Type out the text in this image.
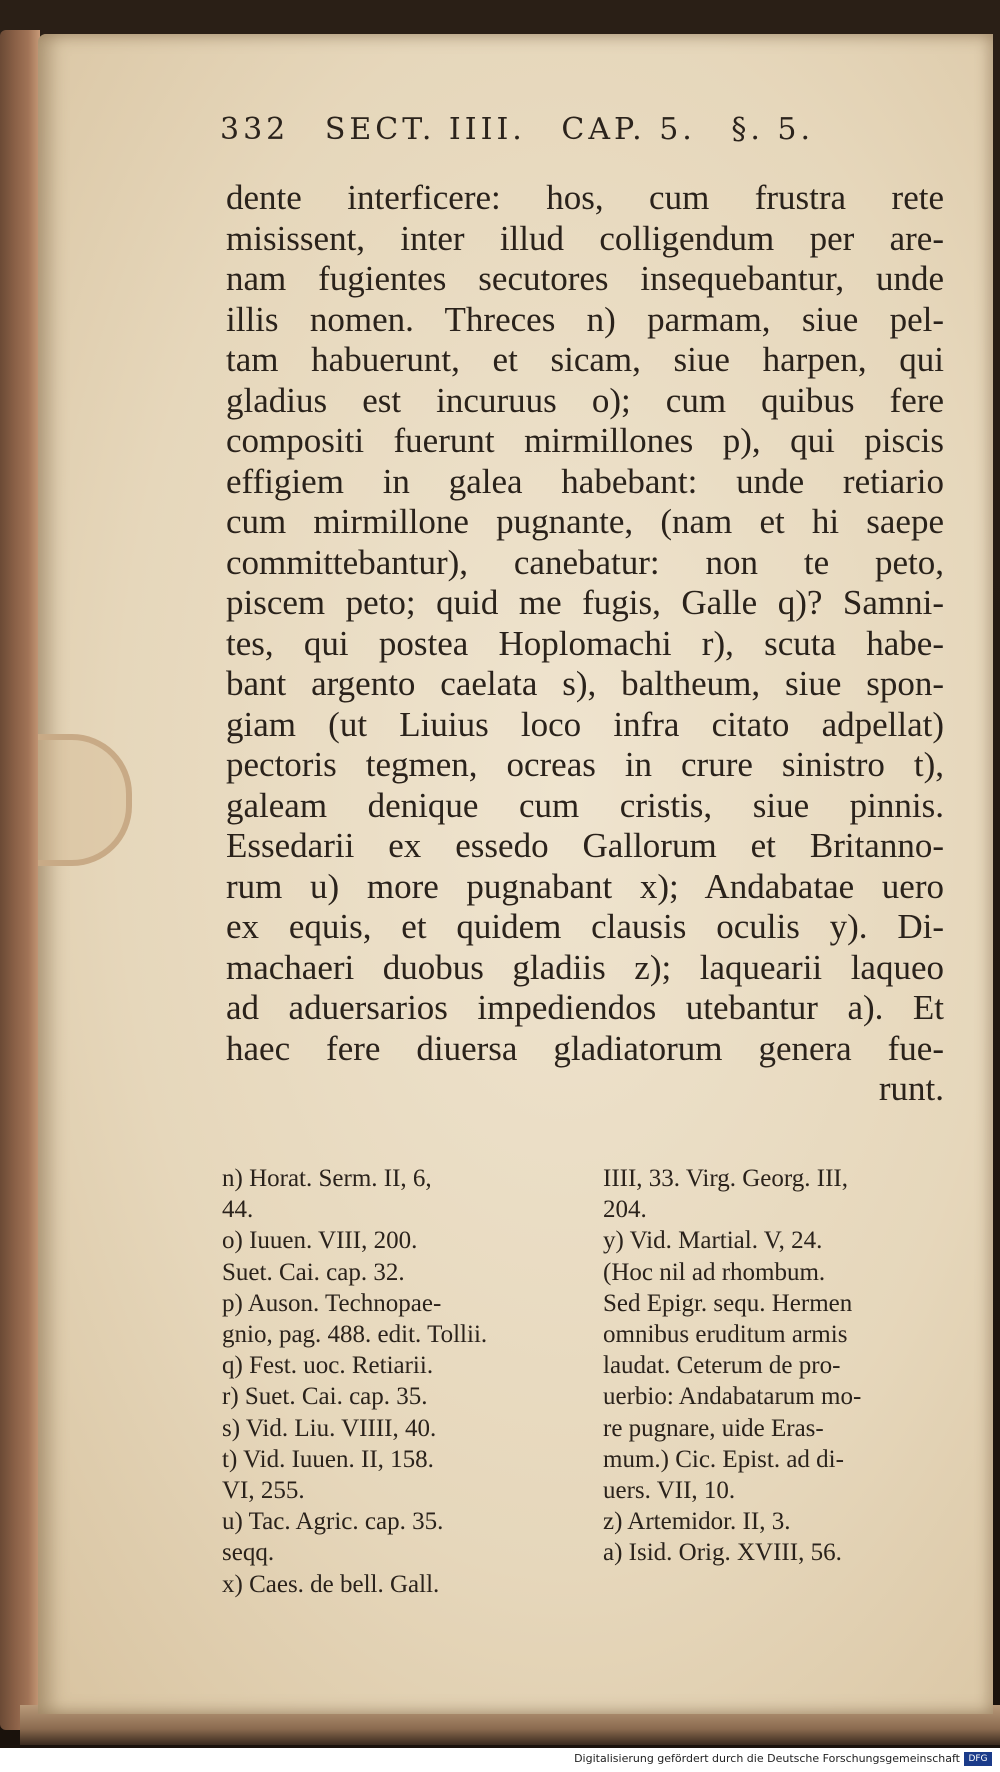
332 SECT. IIII. CAP. 5. §. 5.
dente interficere: hos, cum frustra rete
misissent, inter illud colligendum per are-
nam fugientes secutores insequebantur, unde
illis nomen. Threces n) parmam, siue pel-
tam habuerunt, et sicam, siue harpen, qui
gladius est incuruus o); cum quibus fere
compositi fuerunt mirmillones p), qui piscis
effigiem in galea habebant: unde retiario
cum mirmillone pugnante, (nam et hi saepe
committebantur), canebatur: non te peto,
piscem peto; quid me fugis, Galle q)? Samni-
tes, qui postea Hoplomachi r), scuta habe-
bant argento caelata s), baltheum, siue spon-
giam (ut Liuius loco infra citato adpellat)
pectoris tegmen, ocreas in crure sinistro t),
galeam denique cum cristis, siue pinnis.
Essedarii ex essedo Gallorum et Britanno-
rum u) more pugnabant x); Andabatae uero
ex equis, et quidem clausis oculis y). Di-
machaeri duobus gladiis z); laquearii laqueo
ad aduersarios impediendos utebantur a). Et
haec fere diuersa gladiatorum genera fue-
runt.
n) Horat. Serm. II, 6,
44.
o) Iuuen. VIII, 200.
Suet. Cai. cap. 32.
p) Auson. Technopae-
gnio, pag. 488. edit. Tollii.
q) Fest. uoc. Retiarii.
r) Suet. Cai. cap. 35.
s) Vid. Liu. VIIII, 40.
t) Vid. Iuuen. II, 158.
VI, 255.
u) Tac. Agric. cap. 35.
seqq.
x) Caes. de bell. Gall.
IIII, 33. Virg. Georg. III,
204.
y) Vid. Martial. V, 24.
(Hoc nil ad rhombum.
Sed Epigr. sequ. Hermen
omnibus eruditum armis
laudat. Ceterum de pro-
uerbio: Andabatarum mo-
re pugnare, uide Eras-
mum.) Cic. Epist. ad di-
uers. VII, 10.
z) Artemidor. II, 3.
a) Isid. Orig. XVIII, 56.
Digitalisierung gefördert durch die Deutsche Forschungsgemeinschaft DFG
